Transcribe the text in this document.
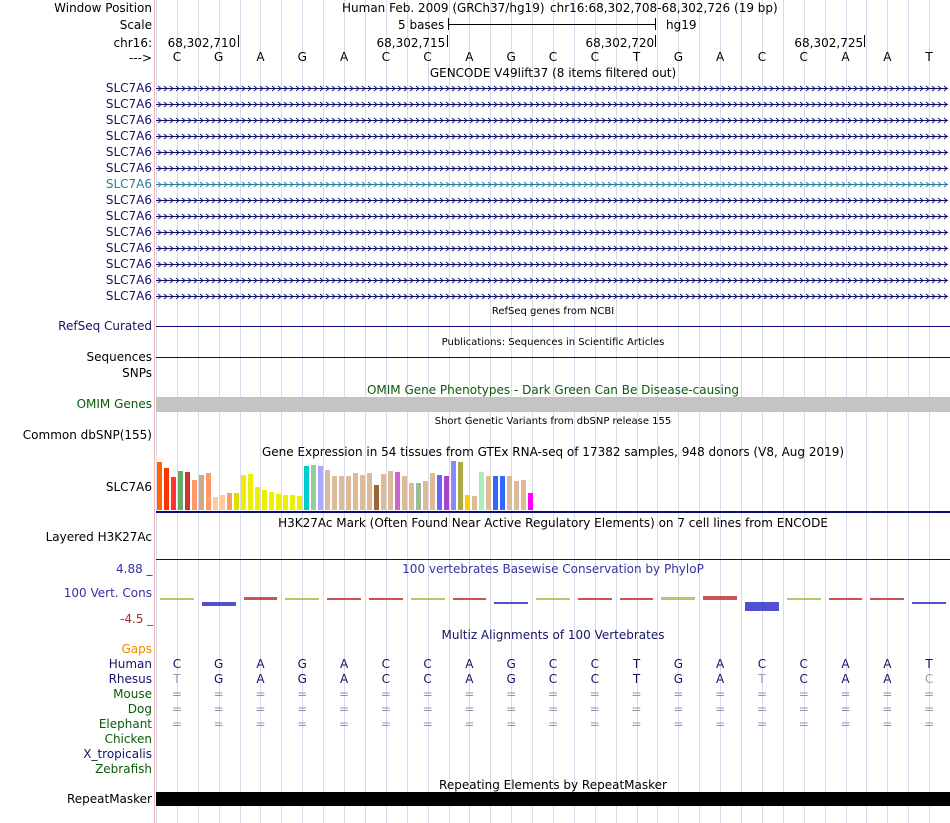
Window Position	Human Feb. 2009 (GRCh37/hg19) chr16:68,302,708-68,302,726 (19 bp)
Scale	5 bases	hg19
chr16: 68,302,710	68,302,715	68,302,720	68,302,725
--->	C	G	A	G	A	C	C	A	G	C	C	T	G	A	C	C	A	A	T
GENCODE V49lift37 (8 items filtered out)
SLC7A6
SLC7A6
SLC7A6
SLC7A6
SLC7A6
SLC7A6
SLC7A6
SLC7A6
SLC7A6
SLC7A6
SLC7A6
SLC7A6
SLC7A6
SLC7A6
RefSeq genes from NCBI
RefSeq Curated
Publications: Sequences in Scientific Articles
Sequences
SNPs
OMIM Gene Phenotypes - Dark Green Can Be Disease-causing
OMIM Genes
Short Genetic Variants from dbSNP release 155
Common dbSNP(155)
Gene Expression in 54 tissues from GTEx RNA-seq of 17382 samples, 948 donors (V8, Aug 2019)
SLC7A6
H3K27Ac Mark (Often Found Near Active Regulatory Elements) on 7 cell lines from ENCODE
Layered H3K27Ac
100 vertebrates Basewise Conservation by PhyloP
4.88 _
100 Vert. Cons
-4.5 _
Multiz Alignments of 100 Vertebrates
Gaps
Human	C	G	A	G	A	C	C	A	G	C	C	T	G	A	C	C	A	A	T
Rhesus	T	G	A	G	A	C	C	A	G	C	C	T	G	A	T	C	A	A	C
Mouse	=	=	=	=	=	=	=	=	=	=	=	=	=	=	=	=	=	=	=
Dog	=	=	=	=	=	=	=	=	=	=	=	=	=	=	=	=	=	=	=
Elephant	=	=	=	=	=	=	=	=	=	=	=	=	=	=	=	=	=	=	=
Chicken
X_tropicalis
Zebrafish
Repeating Elements by RepeatMasker
RepeatMasker
